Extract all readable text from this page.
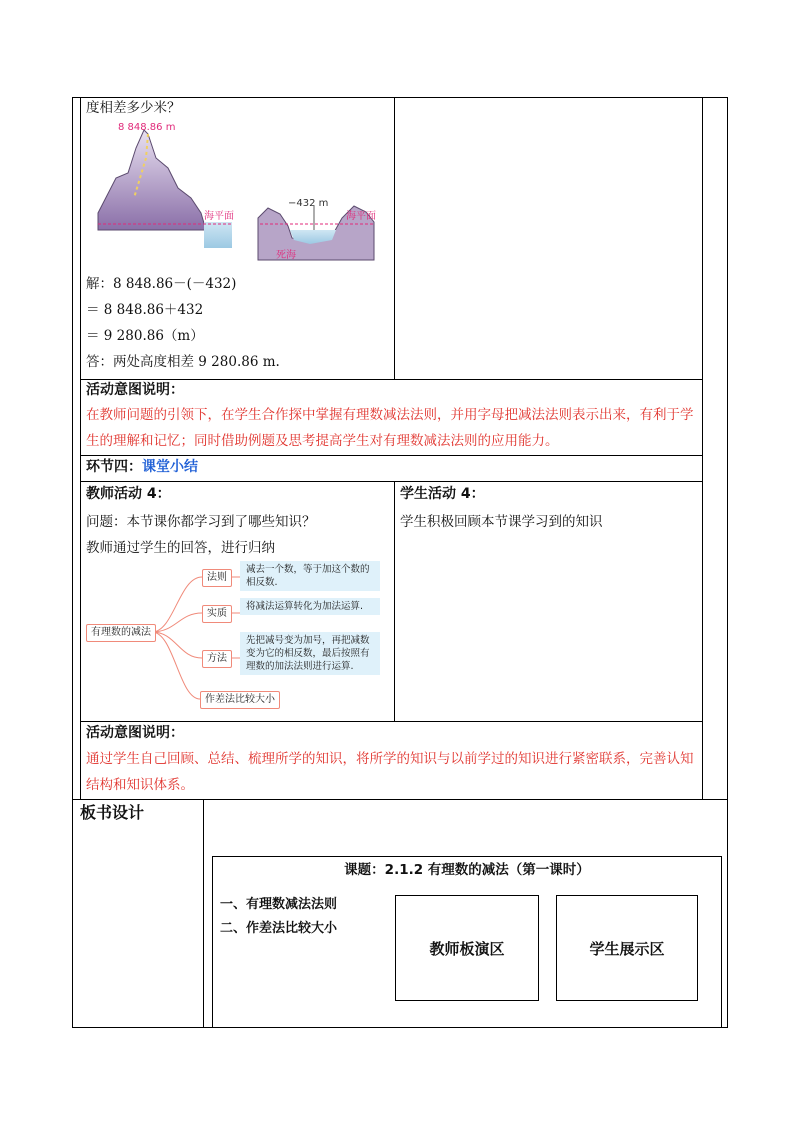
度相差多少米？
8 848.86 m
海平面
−432 m
海平面
死海
解：8 848.86－(－432)
＝ 8 848.86＋432
＝ 9 280.86（m）
答：两处高度相差 9 280.86 m.
活动意图说明：
在教师问题的引领下，在学生合作探中掌握有理数减法法则，并用字母把减法法则表示出来，有利于学生的理解和记忆；同时借助例题及思考提高学生对有理数减法法则的应用能力。
环节四：课堂小结
教师活动 4：
问题：本节课你都学习到了哪些知识？
教师通过学生的回答，进行归纳
有理数的减法
法则
实质
方法
作差法比较大小
减去一个数，等于加这个数的相反数.
将减法运算转化为加法运算.
先把减号变为加号，再把减数变为它的相反数，最后按照有理数的加法法则进行运算.
学生活动 4：
学生积极回顾本节课学习到的知识
活动意图说明：
通过学生自己回顾、总结、梳理所学的知识，将所学的知识与以前学过的知识进行紧密联系，完善认知结构和知识体系。
板书设计
课题：2.1.2 有理数的减法（第一课时）
一、有理数减法法则
二、作差法比较大小
教师板演区	学生展示区
